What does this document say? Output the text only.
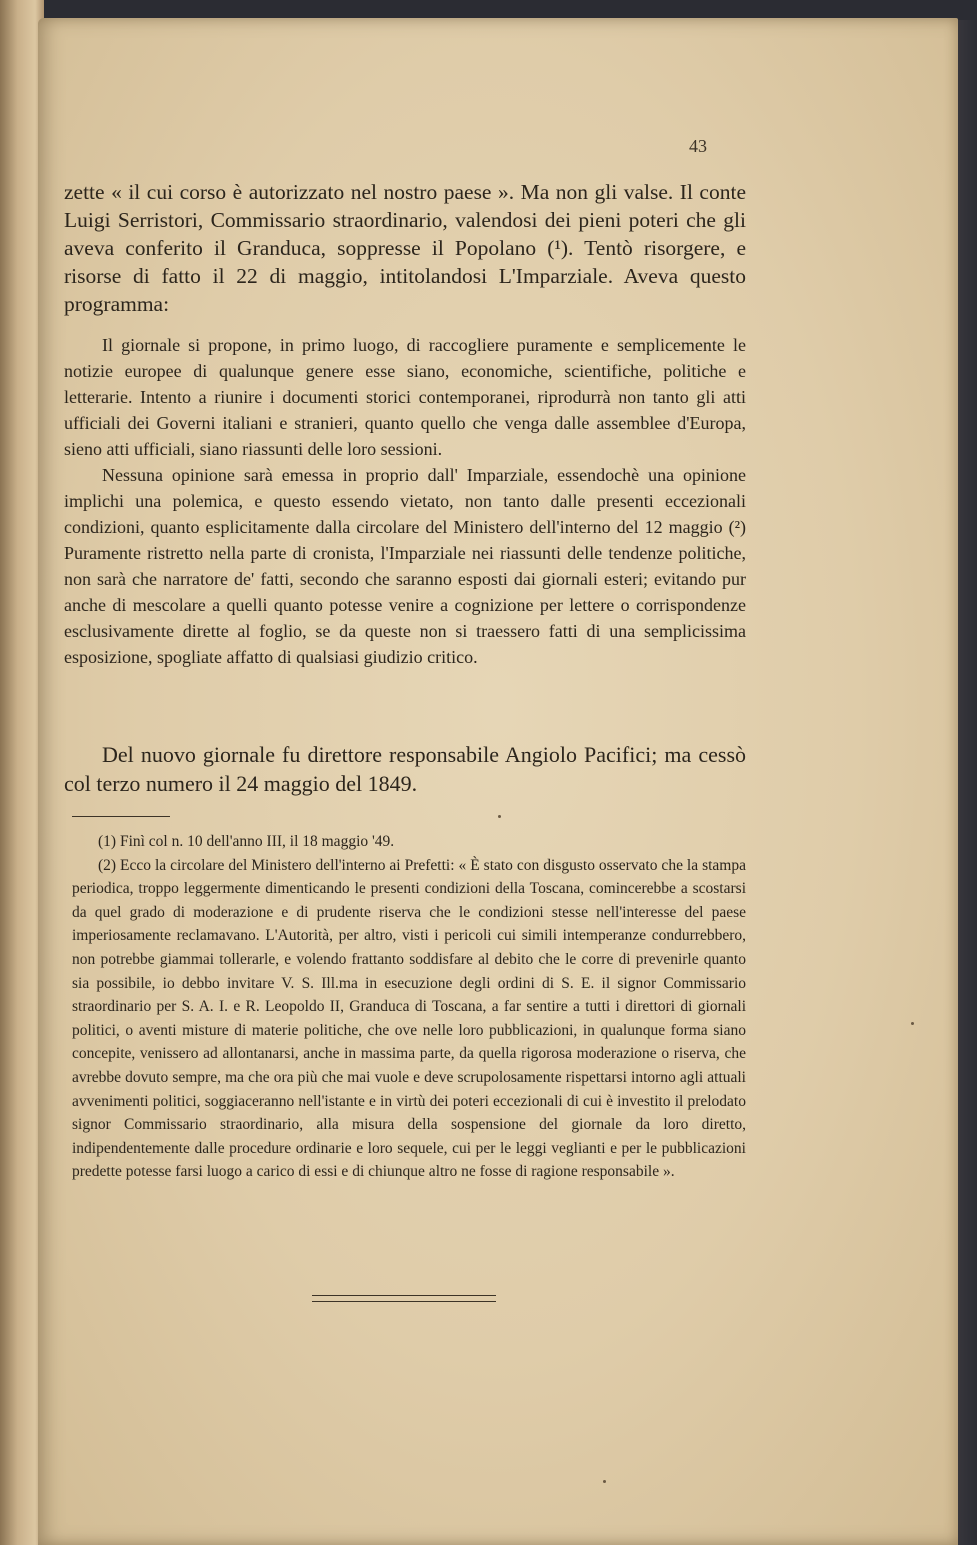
43

zette « il cui corso è autorizzato nel nostro paese ». Ma non gli valse. Il conte Luigi Serristori, Commissario straordinario, valendosi dei pieni poteri che gli aveva conferito il Granduca, soppresse il Popolano (¹). Tentò risorgere, e risorse di fatto il 22 di maggio, intitolandosi L'Imparziale. Aveva questo programma:

Il giornale si propone, in primo luogo, di raccogliere puramente e semplicemente le notizie europee di qualunque genere esse siano, economiche, scientifiche, politiche e letterarie. Intento a riunire i documenti storici contemporanei, riprodurrà non tanto gli atti ufficiali dei Governi italiani e stranieri, quanto quello che venga dalle assemblee d'Europa, sieno atti ufficiali, siano riassunti delle loro sessioni.

Nessuna opinione sarà emessa in proprio dall' Imparziale, essendochè una opinione implichi una polemica, e questo essendo vietato, non tanto dalle presenti eccezionali condizioni, quanto esplicitamente dalla circolare del Ministero dell'interno del 12 maggio (²) Puramente ristretto nella parte di cronista, l'Imparziale nei riassunti delle tendenze politiche, non sarà che narratore de' fatti, secondo che saranno esposti dai giornali esteri; evitando pur anche di mescolare a quelli quanto potesse venire a cognizione per lettere o corrispondenze esclusivamente dirette al foglio, se da queste non si traessero fatti di una semplicissima esposizione, spogliate affatto di qualsiasi giudizio critico.

Del nuovo giornale fu direttore responsabile Angiolo Pacifici; ma cessò col terzo numero il 24 maggio del 1849.

(1) Finì col n. 10 dell'anno III, il 18 maggio '49.

(2) Ecco la circolare del Ministero dell'interno ai Prefetti: « È stato con disgusto osservato che la stampa periodica, troppo leggermente dimenticando le presenti condizioni della Toscana, comincerebbe a scostarsi da quel grado di moderazione e di prudente riserva che le condizioni stesse nell'interesse del paese imperiosamente reclamavano. L'Autorità, per altro, visti i pericoli cui simili intemperanze condurrebbero, non potrebbe giammai tollerarle, e volendo frattanto soddisfare al debito che le corre di prevenirle quanto sia possibile, io debbo invitare V. S. Ill.ma in esecuzione degli ordini di S. E. il signor Commissario straordinario per S. A. I. e R. Leopoldo II, Granduca di Toscana, a far sentire a tutti i direttori di giornali politici, o aventi misture di materie politiche, che ove nelle loro pubblicazioni, in qualunque forma siano concepite, venissero ad allontanarsi, anche in massima parte, da quella rigorosa moderazione o riserva, che avrebbe dovuto sempre, ma che ora più che mai vuole e deve scrupolosamente rispettarsi intorno agli attuali avvenimenti politici, soggiaceranno nell'istante e in virtù dei poteri eccezionali di cui è investito il prelodato signor Commissario straordinario, alla misura della sospensione del giornale da loro diretto, indipendentemente dalle procedure ordinarie e loro sequele, cui per le leggi veglianti e per le pubblicazioni predette potesse farsi luogo a carico di essi e di chiunque altro ne fosse di ragione responsabile ».
